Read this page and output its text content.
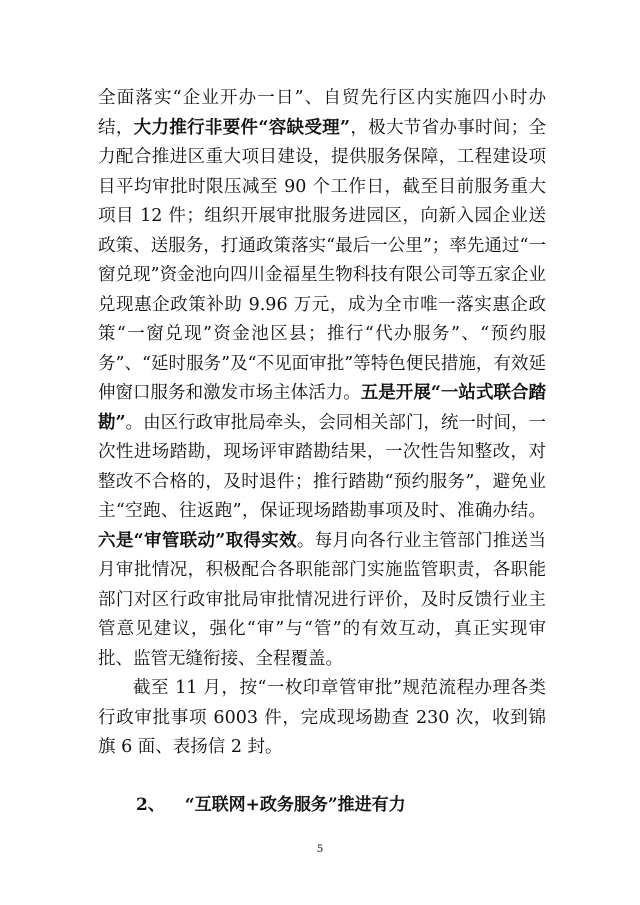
全面落实“企业开办一日”、自贸先行区内实施四小时办结，大力推行非要件“容缺受理”，极大节省办事时间；全力配合推进区重大项目建设，提供服务保障，工程建设项目平均审批时限压减至 90 个工作日，截至目前服务重大项目 12 件；组织开展审批服务进园区，向新入园企业送政策、送服务，打通政策落实“最后一公里”；率先通过“一窗兑现”资金池向四川金福星生物科技有限公司等五家企业兑现惠企政策补助 9.96 万元，成为全市唯一落实惠企政策“一窗兑现”资金池区县；推行“代办服务”、“预约服务”、“延时服务”及“不见面审批”等特色便民措施，有效延伸窗口服务和激发市场主体活力。五是开展“一站式联合踏勘”。由区行政审批局牵头，会同相关部门，统一时间，一次性进场踏勘，现场评审踏勘结果，一次性告知整改，对整改不合格的，及时退件；推行踏勘“预约服务”，避免业主“空跑、往返跑”，保证现场踏勘事项及时、准确办结。六是“审管联动”取得实效。每月向各行业主管部门推送当月审批情况，积极配合各职能部门实施监管职责，各职能部门对区行政审批局审批情况进行评价，及时反馈行业主管意见建议，强化“审”与“管”的有效互动，真正实现审批、监管无缝衔接、全程覆盖。

截至 11 月，按“一枚印章管审批”规范流程办理各类行政审批事项 6003 件，完成现场勘查 230 次，收到锦旗 6 面、表扬信 2 封。

2、 “互联网+政务服务”推进有力
5
